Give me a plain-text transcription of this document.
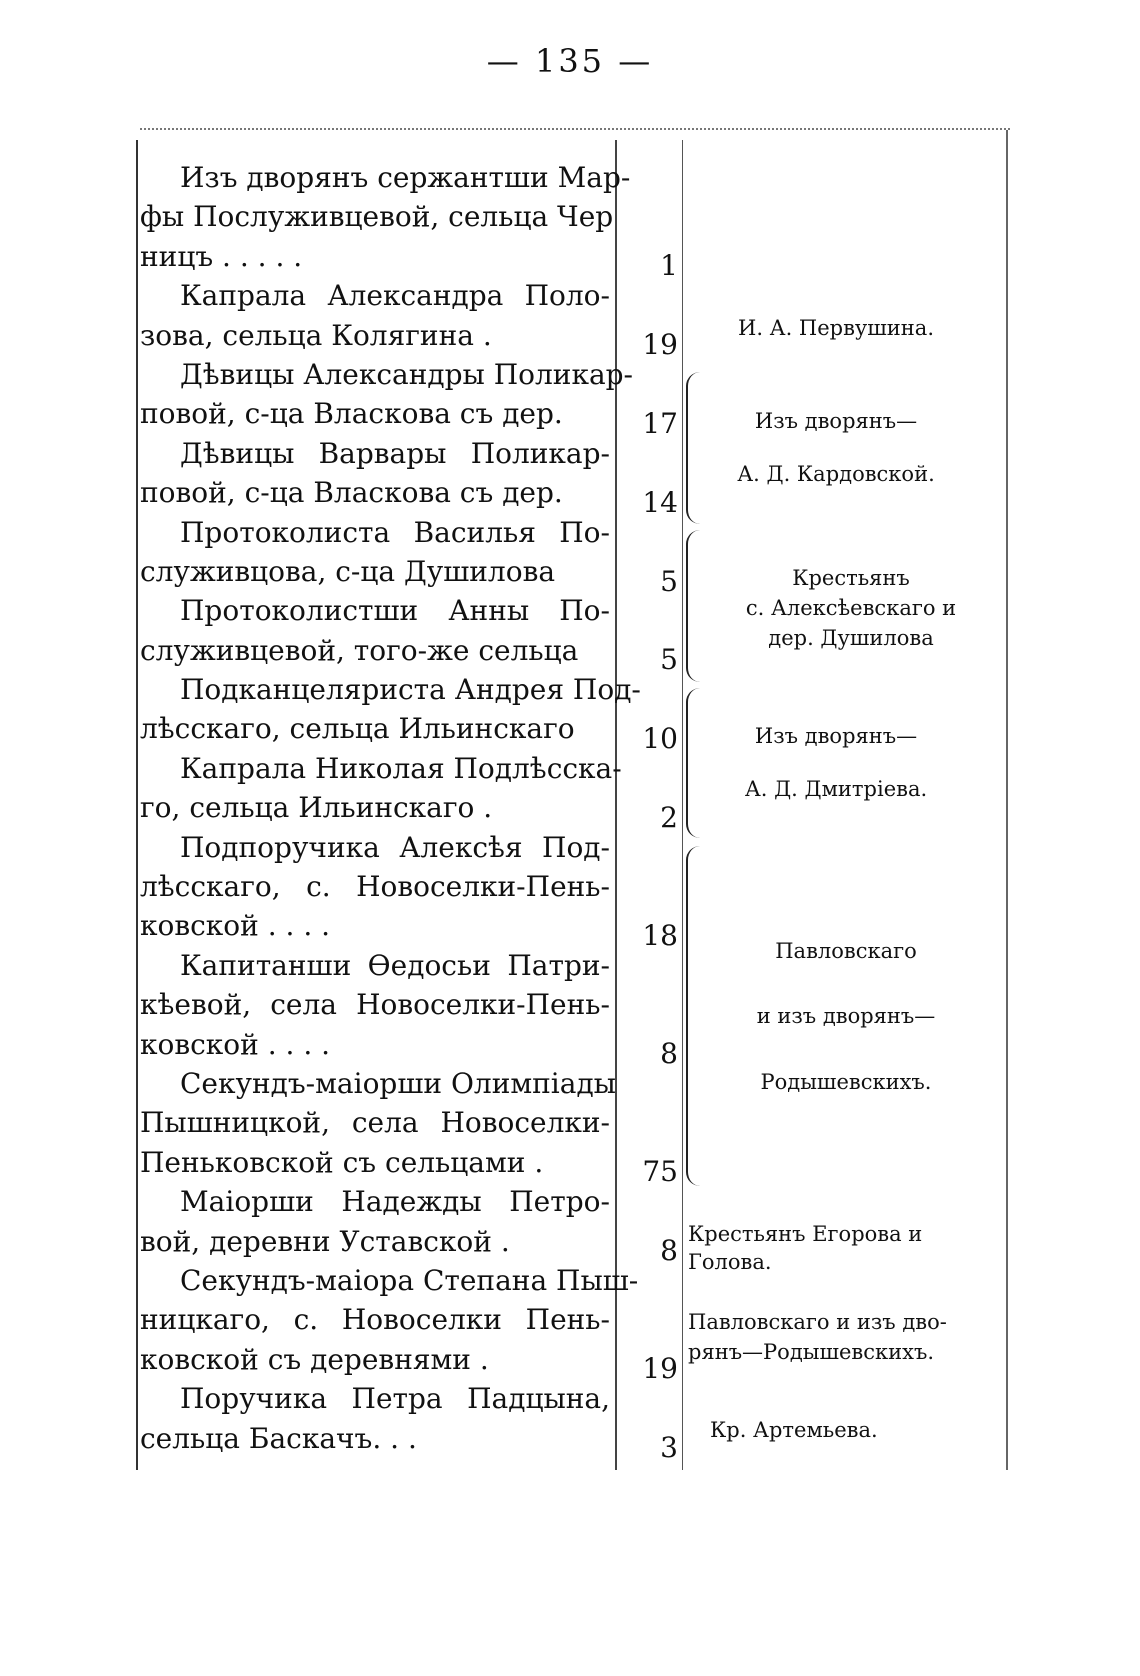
— 135 —
Изъ дворянъ сержантши Мар-
фы Послуживцевой, сельца Чер
ницъ . . . . .
Капрала Александра Поло-
зова, сельца Колягина .
Дѣвицы Александры Поликар-
повой, с-ца Власкова съ дер.
Дѣвицы Варвары Поликар-
повой, с-ца Власкова съ дер.
Протоколиста Василья По-
служивцова, с-ца Душилова
Протоколистши Анны По-
служивцевой, того-же сельца
Подканцеляриста Андрея Под-
лѣсскаго, сельца Ильинскаго
Капрала Николая Подлѣсска-
го, сельца Ильинскаго .
Подпоручика Алексѣя Под-
лѣсскаго, с. Новоселки-Пень-
ковской . . . .
Капитанши Ѳедосьи Патри-
кѣевой, села Новоселки-Пень-
ковской . . . .
Секундъ-маіорши Олимпіады
Пышницкой, села Новоселки-
Пеньковской съ сельцами .
Маіорши Надежды Петро-
вой, деревни Уставской .
Секундъ-маіора Степана Пыш-
ницкаго, с. Новоселки Пень-
ковской съ деревнями .
Поручика Петра Падцына,
сельца Баскачъ. . .
1
19
17
14
5
5
10
2
18
8
75
8
19
3
И. А. Первушина.
Изъ дворянъ—
А. Д. Кардовской.
Крестьянъ
с. Алексѣевскаго и
дер. Душилова
Изъ дворянъ—
А. Д. Дмитріева.
Павловскаго
и изъ дворянъ—
Родышевскихъ.
Крестьянъ Егорова и
Голова.
Павловскаго и изъ дво-
рянъ—Родышевскихъ.
Кр. Артемьева.
